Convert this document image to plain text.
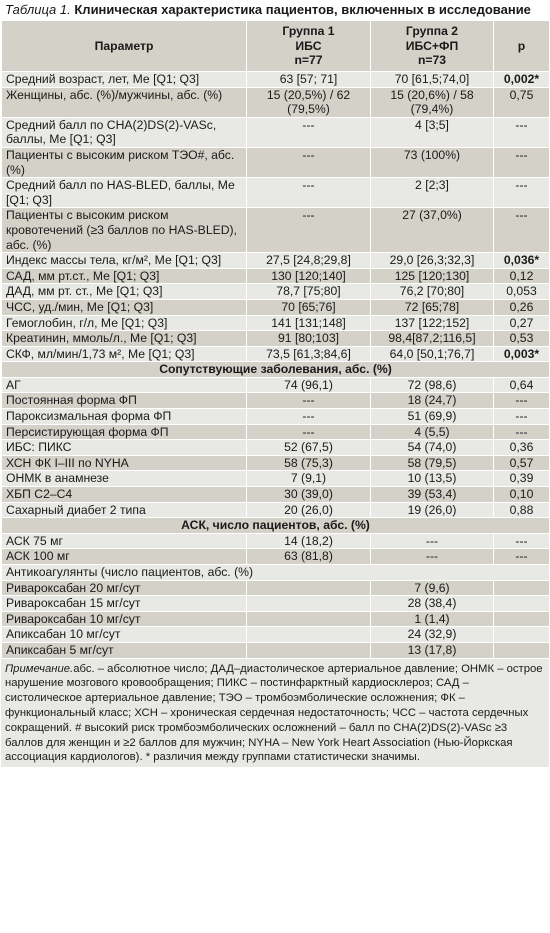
Таблица 1. Клиническая характеристика пациентов, включенных в исследование
Параметр	Группа 1
ИБС
n=77	Группа 2
ИБС+ФП
n=73	p
Средний возраст, лет, Ме [Q1; Q3]	63 [57; 71]	70 [61,5;74,0]	0,002*
Женщины, абс. (%)/мужчины, абс. (%)	15 (20,5%) / 62 (79,5%)	15 (20,6%) / 58 (79,4%)	0,75
Средний балл по CHA(2)DS(2)-VASc, баллы, Ме [Q1; Q3]	---	4 [3;5]	---
Пациенты с высоким риском ТЭО#, абс. (%)	---	73 (100%)	---
Средний балл по HAS-BLED, баллы, Ме [Q1; Q3]	---	2 [2;3]	---
Пациенты с высоким риском кровотечений (≥3 баллов по HAS-BLED), абс. (%)	---	27 (37,0%)	---
Индекс массы тела, кг/м², Ме [Q1; Q3]	27,5 [24,8;29,8]	29,0 [26,3;32,3]	0,036*
САД, мм рт.ст., Ме [Q1; Q3]	130 [120;140]	125 [120;130]	0,12
ДАД, мм рт. ст., Ме [Q1; Q3]	78,7 [75;80]	76,2 [70;80]	0,053
ЧСС, уд./мин, Ме [Q1; Q3]	70 [65;76]	72 [65;78]	0,26
Гемоглобин, г/л, Ме [Q1; Q3]	141 [131;148]	137 [122;152]	0,27
Креатинин, ммоль/л., Ме [Q1; Q3]	91 [80;103]	98,4[87,2;116,5]	0,53
СКФ, мл/мин/1,73 м², Ме [Q1; Q3]	73,5 [61,3;84,6]	64,0 [50,1;76,7]	0,003*
Сопутствующие заболевания, абс. (%)			
АГ	74 (96,1)	72 (98,6)	0,64
Постоянная форма ФП	---	18 (24,7)	---
Пароксизмальная форма ФП	---	51 (69,9)	---
Персистирующая форма ФП	---	4 (5,5)	---
ИБС: ПИКС	52 (67,5)	54 (74,0)	0,36
ХСН ФК I–III по NYHA	58 (75,3)	58 (79,5)	0,57
ОНМК в анамнезе	7 (9,1)	10 (13,5)	0,39
ХБП С2–С4	30 (39,0)	39 (53,4)	0,10
Сахарный диабет 2 типа	20 (26,0)	19 (26,0)	0,88
АСК, число пациентов, абс. (%)			
АСК 75 мг	14 (18,2)	---	---
АСК 100 мг	63 (81,8)	---	---
Антикоагулянты (число пациентов, абс. (%)			
Ривароксабан 20 мг/сут		7 (9,6)	
Ривароксабан 15 мг/сут		28 (38,4)	
Ривароксабан 10 мг/сут		1 (1,4)	
Апиксабан 10 мг/сут		24 (32,9)	
Апиксабан 5 мг/сут		13 (17,8)	
Примечание.абс. – абсолютное число; ДАД–диастолическое артериальное давление; ОНМК – острое нарушение мозгового кровообращения; ПИКС – постинфарктный кардиосклероз; САД – систолическое артериальное давление; ТЭО – тромбоэмболические осложнения; ФК – функциональный класс; ХСН – хроническая сердечная недостаточность; ЧСС – частота сердечных сокращений. # высокий риск тромбоэмболических осложнений – балл по CHA(2)DS(2)-VASc ≥3 баллов для женщин и ≥2 баллов для мужчин; NYHA – New York Heart Association (Нью-Йоркская ассоциация кардиологов). * различия между группами статистически значимы.
